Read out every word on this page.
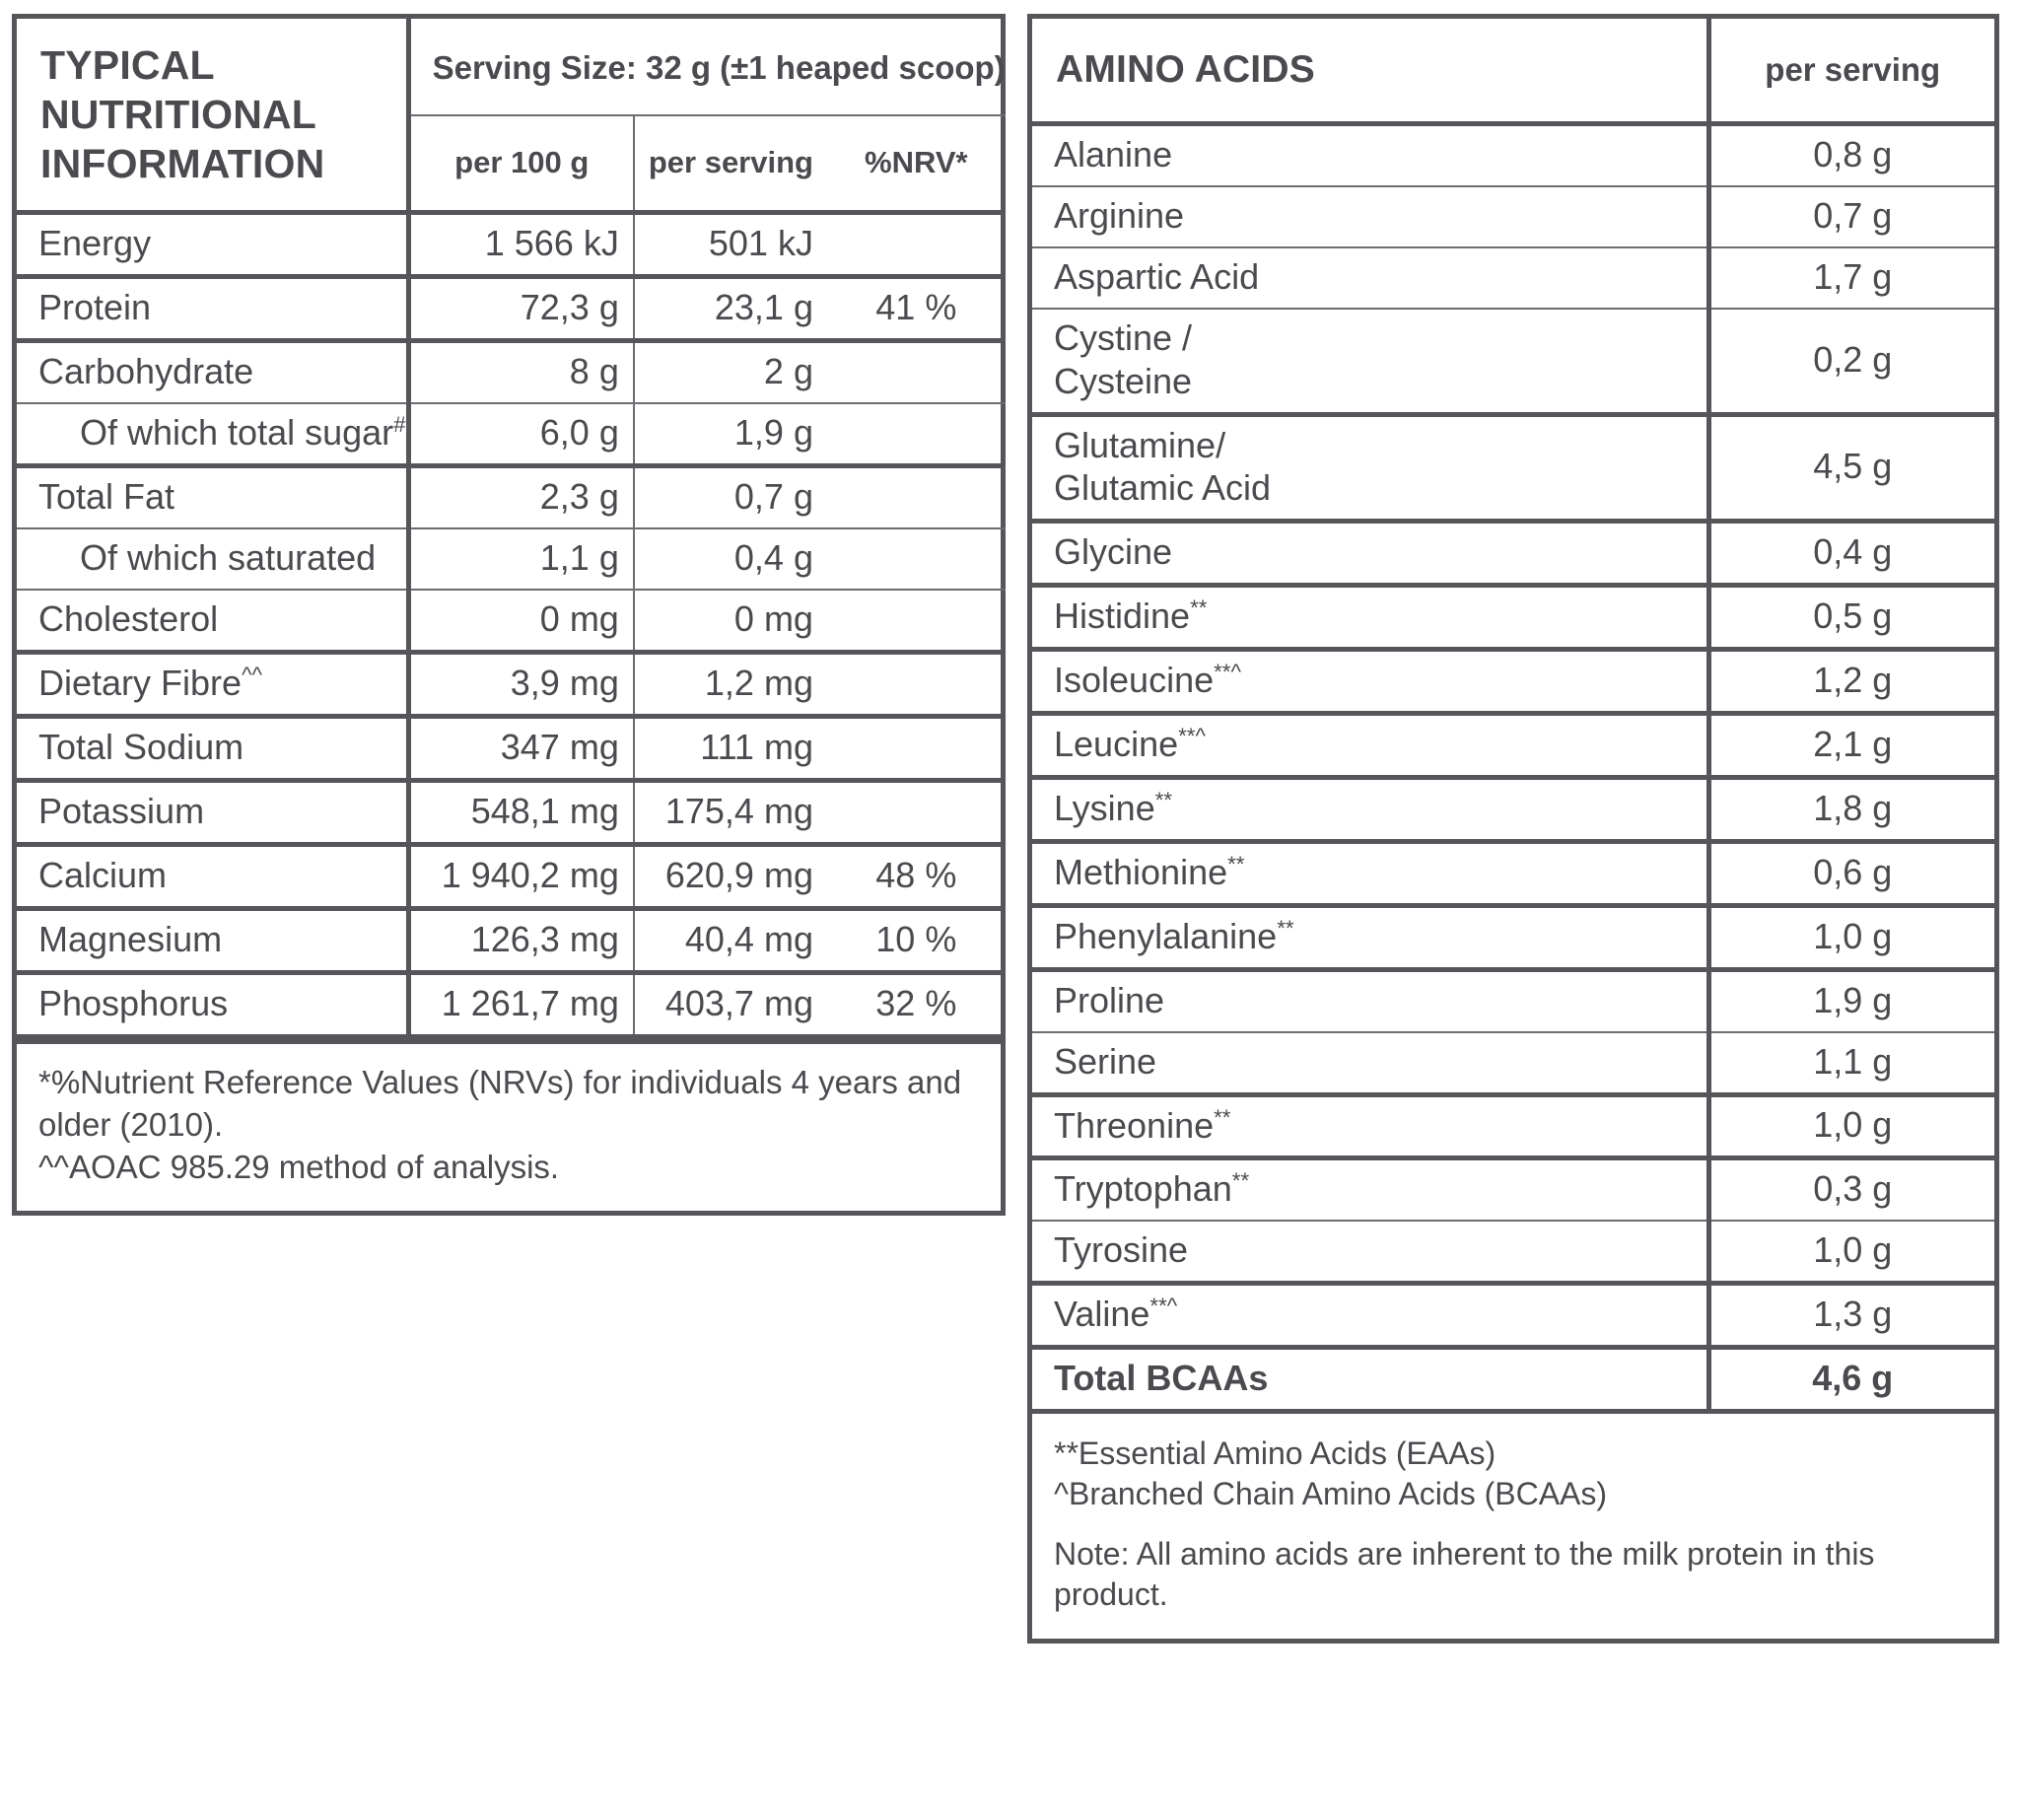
TYPICAL NUTRITIONAL INFORMATION	Serving Size: 32 g (±1 heaped scoop)		
	per 100 g	per serving	%NRV*

Energy	1 566 kJ	501 kJ	
Protein	72,3 g	23,1 g	41 %
Carbohydrate	8 g	2 g	
Of which total sugar#	6,0 g	1,9 g	
Total Fat	2,3 g	0,7 g	
Of which saturated	1,1 g	0,4 g	
Cholesterol	0 mg	0 mg	
Dietary Fibre^^	3,9 mg	1,2 mg	
Total Sodium	347 mg	111 mg	
Potassium	548,1 mg	175,4 mg	
Calcium	1 940,2 mg	620,9 mg	48 %
Magnesium	126,3 mg	40,4 mg	10 %
Phosphorus	1 261,7 mg	403,7 mg	32 %

*%Nutrient Reference Values (NRVs) for individuals 4 years and older (2010).

^^AOAC 985.29 method of analysis.

AMINO ACIDS	per serving
Alanine	0,8 g
Arginine	0,7 g
Aspartic Acid	1,7 g
Cystine /
Cysteine	0,2 g
Glutamine/
Glutamic Acid	4,5 g
Glycine	0,4 g
Histidine**	0,5 g
Isoleucine**^	1,2 g
Leucine**^	2,1 g
Lysine**	1,8 g
Methionine**	0,6 g
Phenylalanine**	1,0 g
Proline	1,9 g
Serine	1,1 g
Threonine**	1,0 g
Tryptophan**	0,3 g
Tyrosine	1,0 g
Valine**^	1,3 g
Total BCAAs	4,6 g

**Essential Amino Acids (EAAs)

^Branched Chain Amino Acids (BCAAs)

Note: All amino acids are inherent to the milk protein in this product.
